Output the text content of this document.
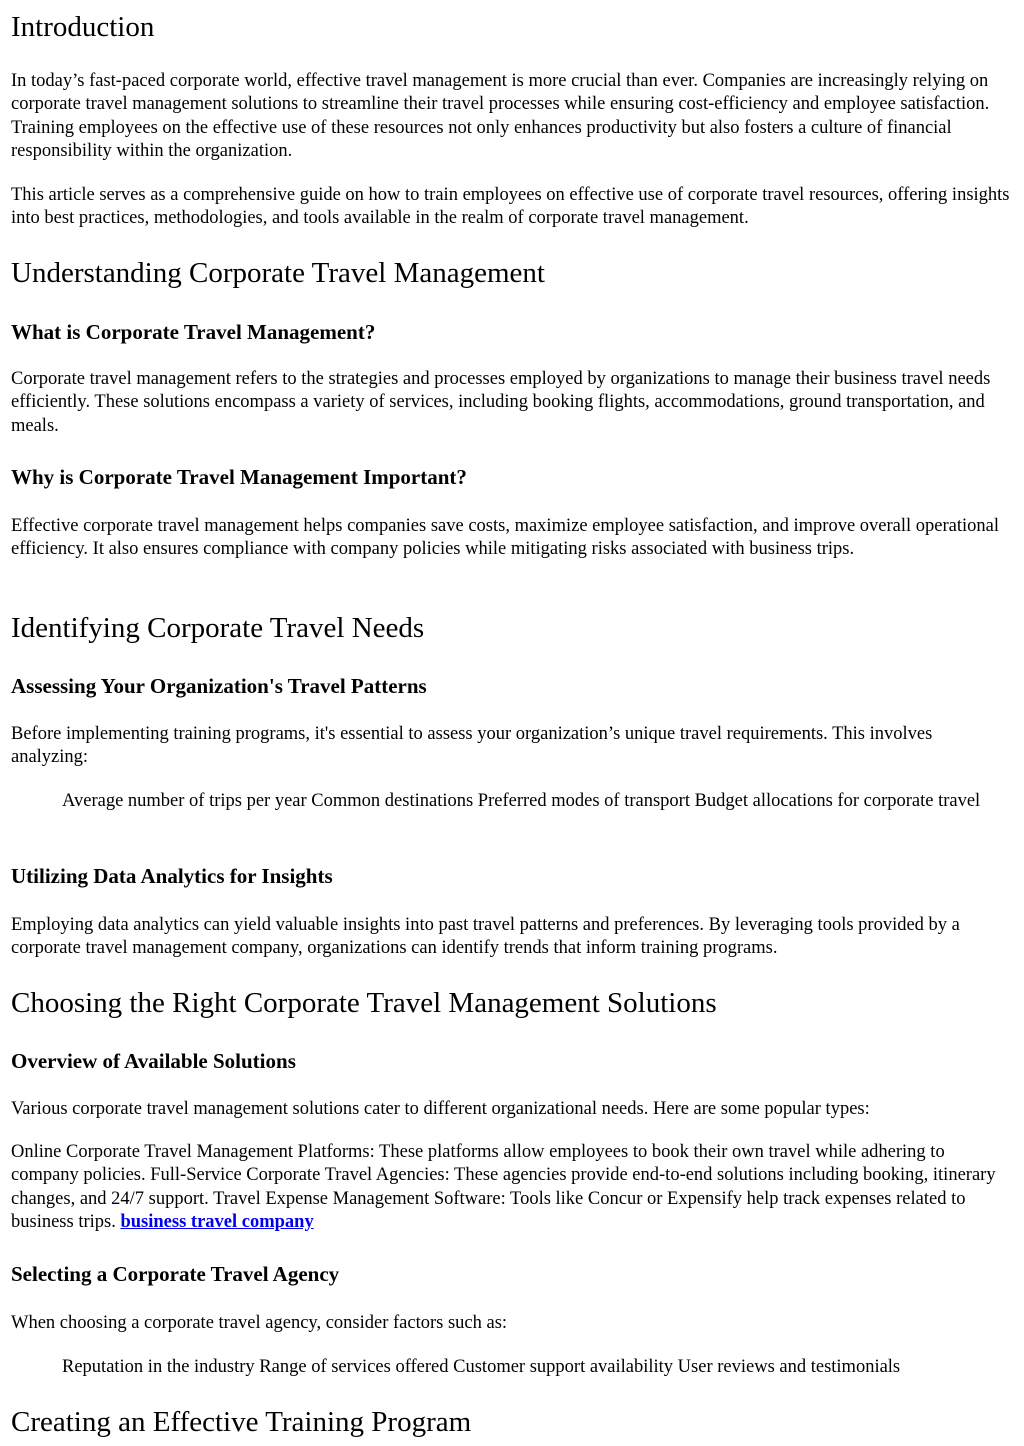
Introduction

In today’s fast-paced corporate world, effective travel management is more crucial than ever. Companies are increasingly relying on corporate travel management solutions to streamline their travel processes while ensuring cost-efficiency and employee satisfaction. Training employees on the effective use of these resources not only enhances productivity but also fosters a culture of financial responsibility within the organization.

This article serves as a comprehensive guide on how to train employees on effective use of corporate travel resources, offering insights into best practices, methodologies, and tools available in the realm of corporate travel management.

Understanding Corporate Travel Management
What is Corporate Travel Management?

Corporate travel management refers to the strategies and processes employed by organizations to manage their business travel needs efficiently. These solutions encompass a variety of services, including booking flights, accommodations, ground transportation, and meals.

Why is Corporate Travel Management Important?

Effective corporate travel management helps companies save costs, maximize employee satisfaction, and improve overall operational efficiency. It also ensures compliance with company policies while mitigating risks associated with business trips.

Identifying Corporate Travel Needs
Assessing Your Organization's Travel Patterns

Before implementing training programs, it's essential to assess your organization’s unique travel requirements. This involves analyzing:

Average number of trips per year Common destinations Preferred modes of transport Budget allocations for corporate travel
Utilizing Data Analytics for Insights

Employing data analytics can yield valuable insights into past travel patterns and preferences. By leveraging tools provided by a corporate travel management company, organizations can identify trends that inform training programs.

Choosing the Right Corporate Travel Management Solutions
Overview of Available Solutions

Various corporate travel management solutions cater to different organizational needs. Here are some popular types:

Online Corporate Travel Management Platforms: These platforms allow employees to book their own travel while adhering to company policies. Full-Service Corporate Travel Agencies: These agencies provide end-to-end solutions including booking, itinerary changes, and 24/7 support. Travel Expense Management Software: Tools like Concur or Expensify help track expenses related to business trips. business travel company

Selecting a Corporate Travel Agency

When choosing a corporate travel agency, consider factors such as:

Reputation in the industry Range of services offered Customer support availability User reviews and testimonials
Creating an Effective Training Program
